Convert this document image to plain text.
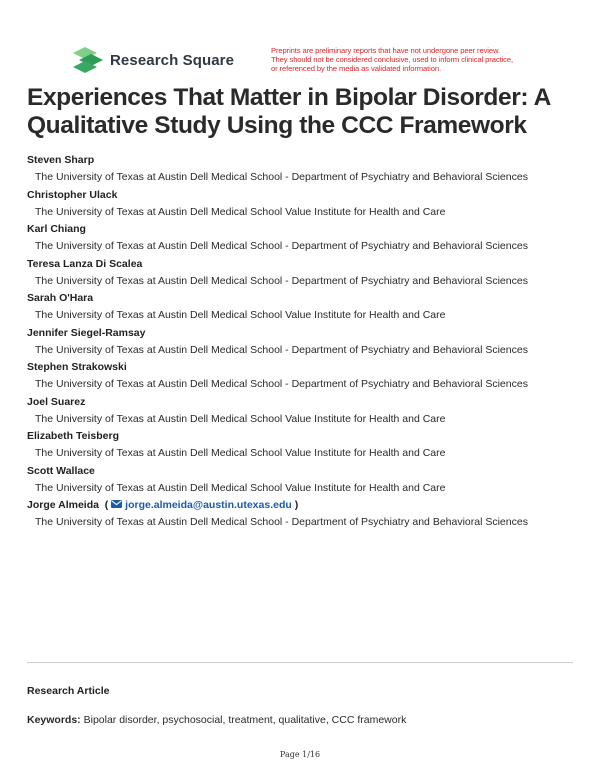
Research Square
Preprints are preliminary reports that have not undergone peer review.
They should not be considered conclusive, used to inform clinical practice,
or referenced by the media as validated information.
Experiences That Matter in Bipolar Disorder: A Qualitative Study Using the CCC Framework
Steven Sharp
The University of Texas at Austin Dell Medical School - Department of Psychiatry and Behavioral Sciences
Christopher Ulack
The University of Texas at Austin Dell Medical School Value Institute for Health and Care
Karl Chiang
The University of Texas at Austin Dell Medical School - Department of Psychiatry and Behavioral Sciences
Teresa Lanza Di Scalea
The University of Texas at Austin Dell Medical School - Department of Psychiatry and Behavioral Sciences
Sarah O'Hara
The University of Texas at Austin Dell Medical School Value Institute for Health and Care
Jennifer Siegel-Ramsay
The University of Texas at Austin Dell Medical School - Department of Psychiatry and Behavioral Sciences
Stephen Strakowski
The University of Texas at Austin Dell Medical School - Department of Psychiatry and Behavioral Sciences
Joel Suarez
The University of Texas at Austin Dell Medical School Value Institute for Health and Care
Elizabeth Teisberg
The University of Texas at Austin Dell Medical School Value Institute for Health and Care
Scott Wallace
The University of Texas at Austin Dell Medical School Value Institute for Health and Care
Jorge Almeida  ( jorge.almeida@austin.utexas.edu )
The University of Texas at Austin Dell Medical School - Department of Psychiatry and Behavioral Sciences
Research Article
Keywords: Bipolar disorder, psychosocial, treatment, qualitative, CCC framework
Page 1/16
